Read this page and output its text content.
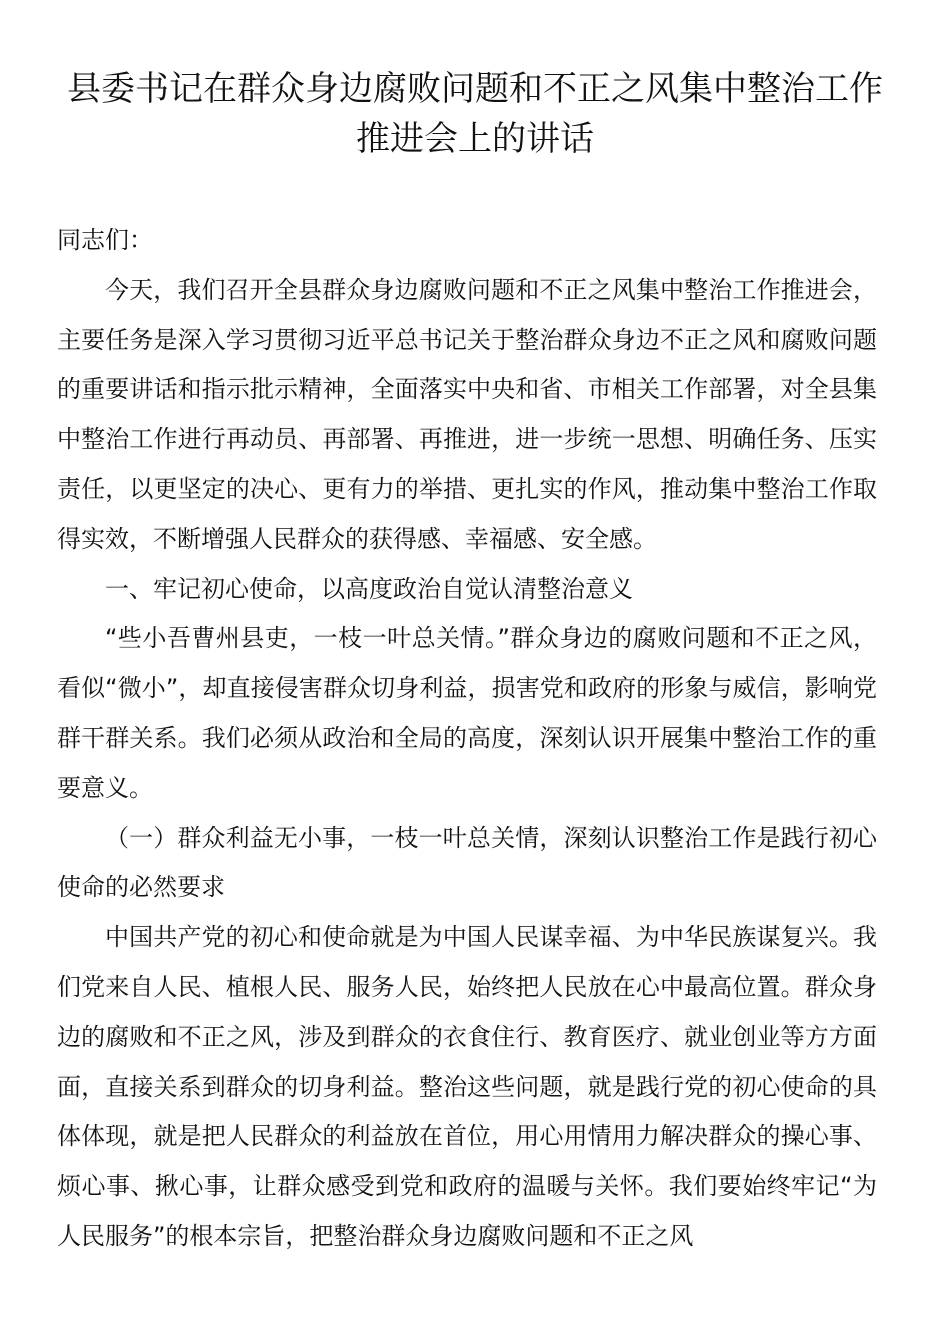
县委书记在群众身边腐败问题和不正之风集中整治工作推进会上的讲话

同志们：

今天，我们召开全县群众身边腐败问题和不正之风集中整治工作推进会，主要任务是深入学习贯彻习近平总书记关于整治群众身边不正之风和腐败问题的重要讲话和指示批示精神，全面落实中央和省、市相关工作部署，对全县集中整治工作进行再动员、再部署、再推进，进一步统一思想、明确任务、压实责任，以更坚定的决心、更有力的举措、更扎实的作风，推动集中整治工作取得实效，不断增强人民群众的获得感、幸福感、安全感。

一、牢记初心使命，以高度政治自觉认清整治意义

“些小吾曹州县吏，一枝一叶总关情。”群众身边的腐败问题和不正之风，看似“微小”，却直接侵害群众切身利益，损害党和政府的形象与威信，影响党群干群关系。我们必须从政治和全局的高度，深刻认识开展集中整治工作的重要意义。

（一）群众利益无小事，一枝一叶总关情，深刻认识整治工作是践行初心使命的必然要求

中国共产党的初心和使命就是为中国人民谋幸福、为中华民族谋复兴。我们党来自人民、植根人民、服务人民，始终把人民放在心中最高位置。群众身边的腐败和不正之风，涉及到群众的衣食住行、教育医疗、就业创业等方方面面，直接关系到群众的切身利益。整治这些问题，就是践行党的初心使命的具体体现，就是把人民群众的利益放在首位，用心用情用力解决群众的操心事、烦心事、揪心事，让群众感受到党和政府的温暖与关怀。我们要始终牢记“为人民服务”的根本宗旨，把整治群众身边腐败问题和不正之风
